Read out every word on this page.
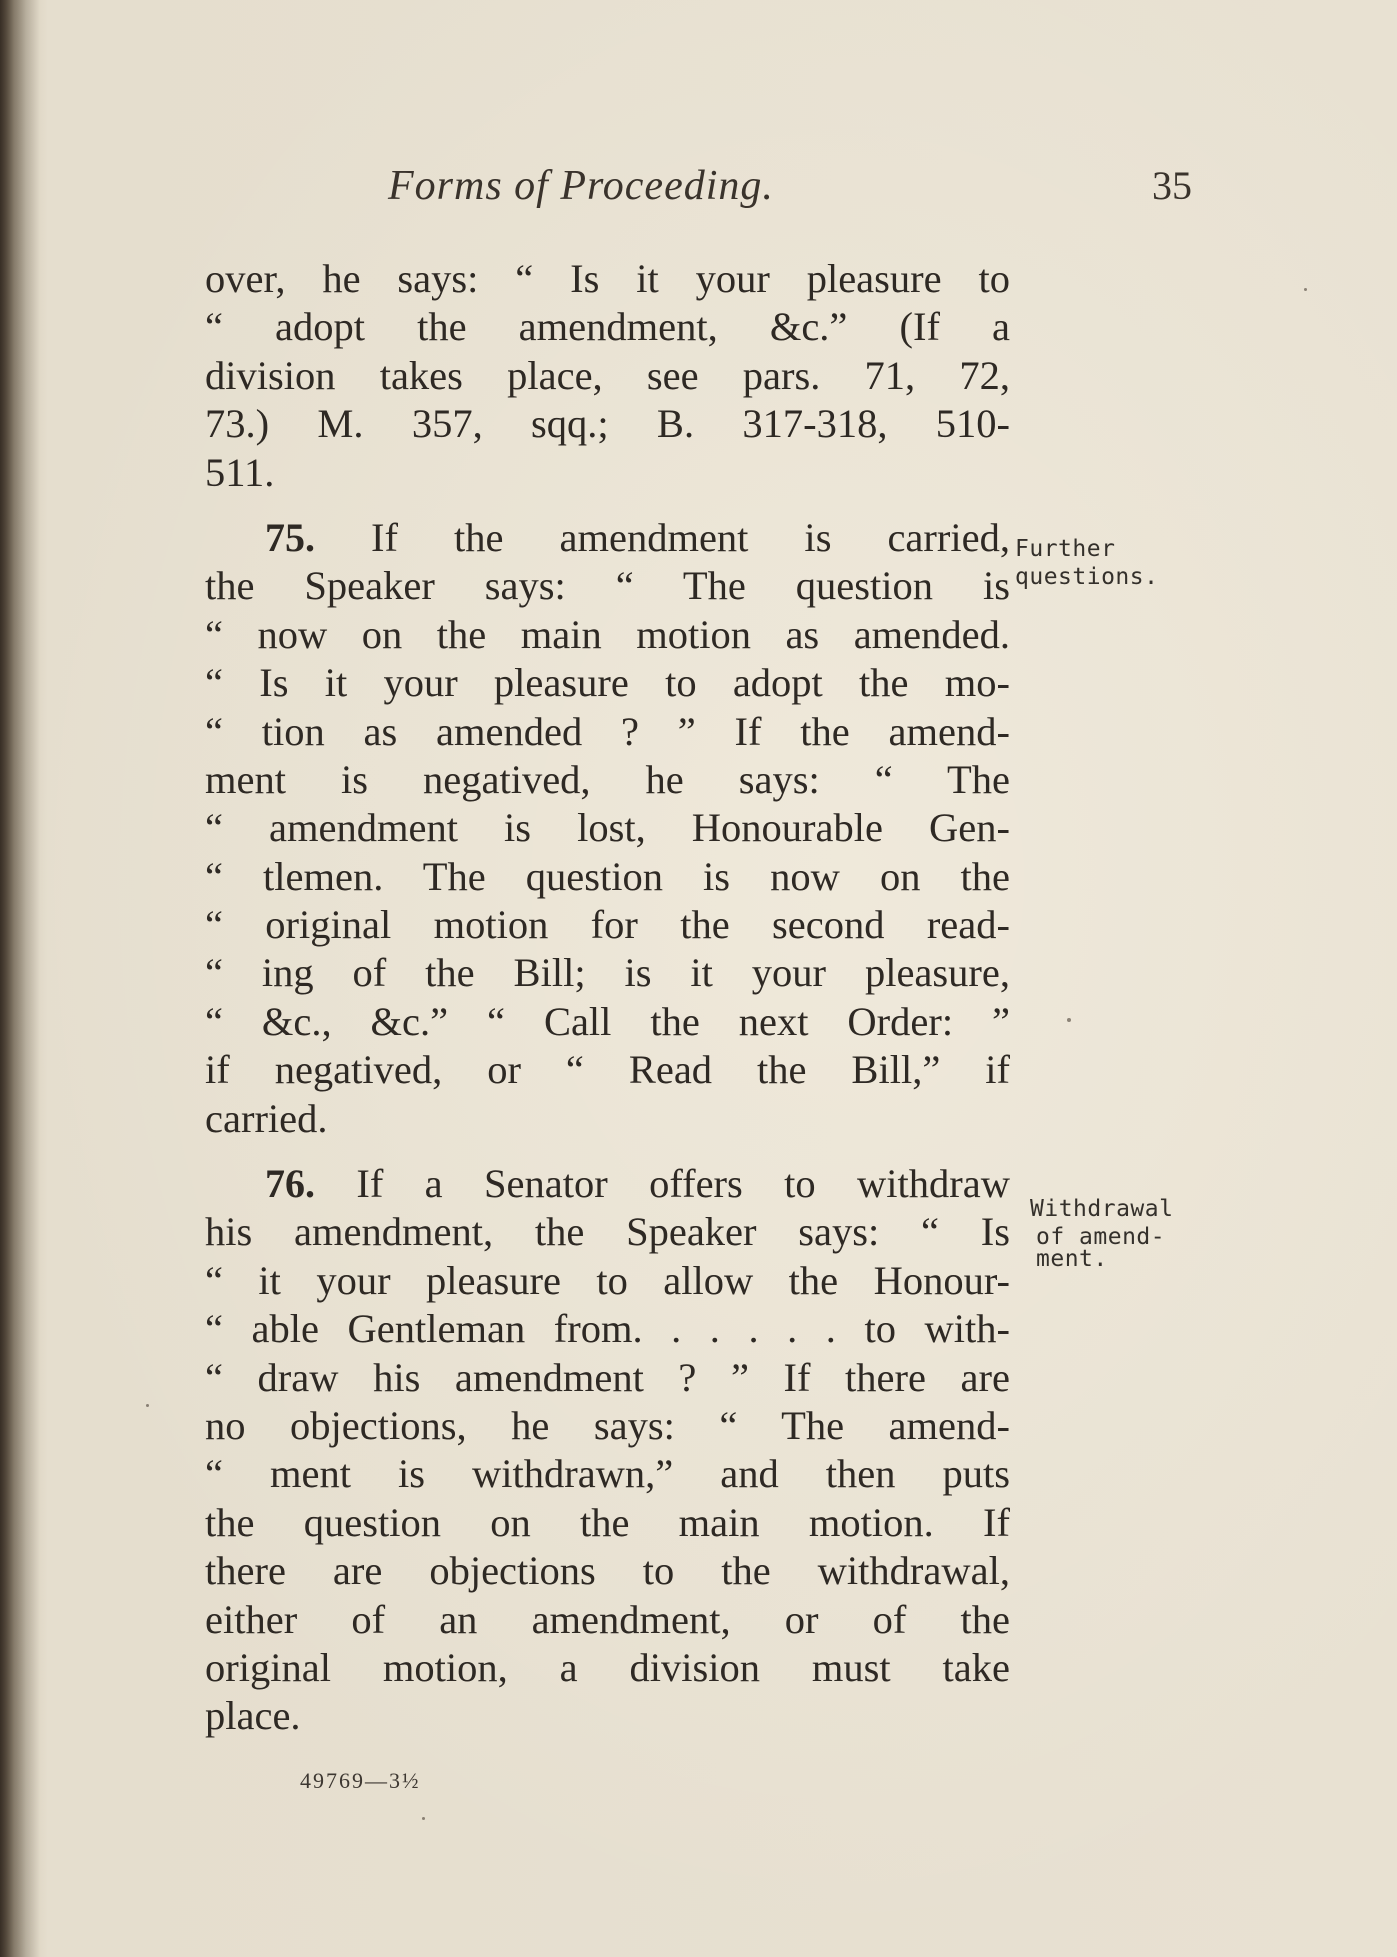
Forms of Proceeding.	35
over, he says: “ Is it your pleasure to
“ adopt the amendment, &c.” (If a
division takes place, see pars. 71, 72,
73.) M. 357, sqq.; B. 317-318, 510-
511.
75. If the amendment is carried,
the Speaker says: “ The question is
“ now on the main motion as amended.
“ Is it your pleasure to adopt the mo-
“ tion as amended ? ” If the amend-
ment is negatived, he says: “ The
“ amendment is lost, Honourable Gen-
“ tlemen. The question is now on the
“ original motion for the second read-
“ ing of the Bill; is it your pleasure,
“ &c., &c.” “ Call the next Order: ”
if negatived, or “ Read the Bill,” if
carried.
76. If a Senator offers to withdraw
his amendment, the Speaker says: “ Is
“ it your pleasure to allow the Honour-
“ able Gentleman from. . . . . . to with-
“ draw his amendment ? ” If there are
no objections, he says: “ The amend-
“ ment is withdrawn,” and then puts
the question on the main motion. If
there are objections to the withdrawal,
either of an amendment, or of the
original motion, a division must take
place.
Further
questions.
Withdrawal
of amend-
ment.
49769—3½
